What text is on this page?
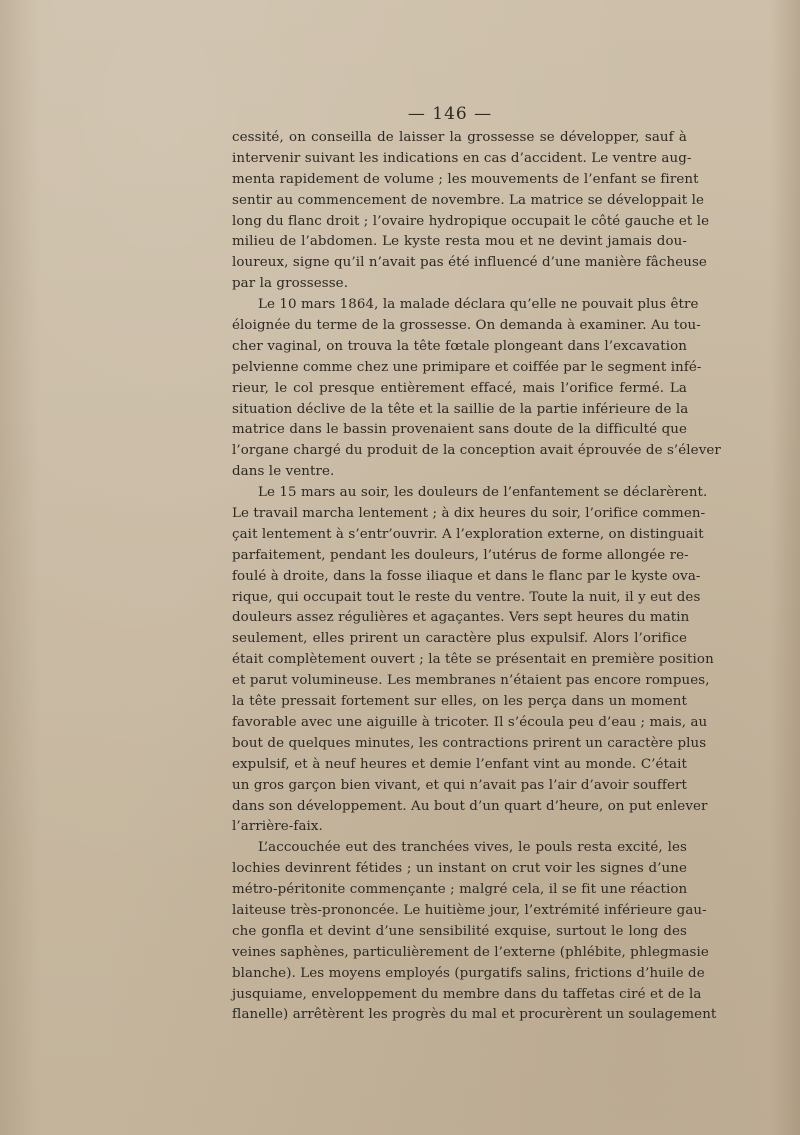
— 146 —
cessité, on conseilla de laisser la grossesse se développer, sauf à
intervenir suivant les indications en cas d’accident. Le ventre aug-
menta rapidement de volume ; les mouvements de l’enfant se firent
sentir au commencement de novembre. La matrice se développait le
long du flanc droit ; l’ovaire hydropique occupait le côté gauche et le
milieu de l’abdomen. Le kyste resta mou et ne devint jamais dou-
loureux, signe qu’il n’avait pas été influencé d’une manière fâcheuse
par la grossesse.
Le 10 mars 1864, la malade déclara qu’elle ne pouvait plus être
éloignée du terme de la grossesse. On demanda à examiner. Au tou-
cher vaginal, on trouva la tête fœtale plongeant dans l’excavation
pelvienne comme chez une primipare et coiffée par le segment infé-
rieur, le col presque entièrement effacé, mais l’orifice fermé. La
situation déclive de la tête et la saillie de la partie inférieure de la
matrice dans le bassin provenaient sans doute de la difficulté que
l’organe chargé du produit de la conception avait éprouvée de s’élever
dans le ventre.
Le 15 mars au soir, les douleurs de l’enfantement se déclarèrent.
Le travail marcha lentement ; à dix heures du soir, l’orifice commen-
çait lentement à s’entr’ouvrir. A l’exploration externe, on distinguait
parfaitement, pendant les douleurs, l’utérus de forme allongée re-
foulé à droite, dans la fosse iliaque et dans le flanc par le kyste ova-
rique, qui occupait tout le reste du ventre. Toute la nuit, il y eut des
douleurs assez régulières et agaçantes. Vers sept heures du matin
seulement, elles prirent un caractère plus expulsif. Alors l’orifice
était complètement ouvert ; la tête se présentait en première position
et parut volumineuse. Les membranes n’étaient pas encore rompues,
la tête pressait fortement sur elles, on les perça dans un moment
favorable avec une aiguille à tricoter. Il s’écoula peu d’eau ; mais, au
bout de quelques minutes, les contractions prirent un caractère plus
expulsif, et à neuf heures et demie l’enfant vint au monde. C’était
un gros garçon bien vivant, et qui n’avait pas l’air d’avoir souffert
dans son développement. Au bout d’un quart d’heure, on put enlever
l’arrière-faix.
L’accouchée eut des tranchées vives, le pouls resta excité, les
lochies devinrent fétides ; un instant on crut voir les signes d’une
métro-péritonite commençante ; malgré cela, il se fit une réaction
laiteuse très-prononcée. Le huitième jour, l’extrémité inférieure gau-
che gonfla et devint d’une sensibilité exquise, surtout le long des
veines saphènes, particulièrement de l’externe (phlébite, phlegmasie
blanche). Les moyens employés (purgatifs salins, frictions d’huile de
jusquiame, enveloppement du membre dans du taffetas ciré et de la
flanelle) arrêtèrent les progrès du mal et procurèrent un soulagement
